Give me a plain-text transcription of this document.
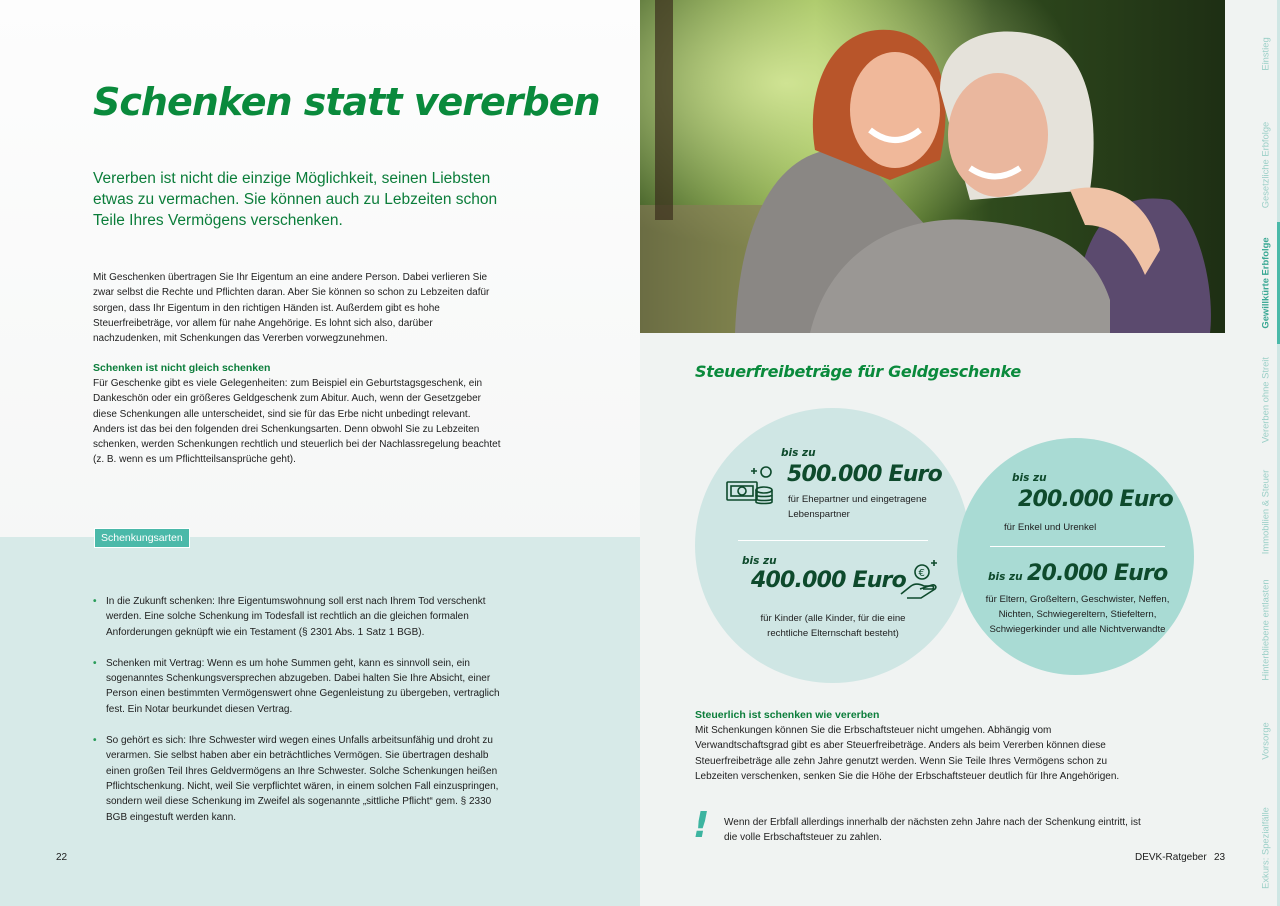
Schenken statt vererben

Vererben ist nicht die einzige Möglichkeit, seinen Liebsten etwas zu vermachen. Sie können auch zu Lebzeiten schon Teile Ihres Vermögens verschenken.

Mit Geschenken übertragen Sie Ihr Eigentum an eine andere Person. Dabei verlieren Sie zwar selbst die Rechte und Pflichten daran. Aber Sie können so schon zu Lebzeiten dafür sorgen, dass Ihr Eigentum in den richtigen Händen ist. Außerdem gibt es hohe Steuerfreibeträge, vor allem für nahe Angehörige. Es lohnt sich also, darüber nachzudenken, mit Schenkungen das Vererben vorwegzunehmen.

Schenken ist nicht gleich schenken

Für Geschenke gibt es viele Gelegenheiten: zum Beispiel ein Geburtstagsgeschenk, ein Dankeschön oder ein größeres Geldgeschenk zum Abitur. Auch, wenn der Gesetzgeber diese Schenkungen alle unterscheidet, sind sie für das Erbe nicht unbedingt relevant. Anders ist das bei den folgenden drei Schenkungsarten. Denn obwohl Sie zu Lebzeiten schenken, werden Schenkungen rechtlich und steuerlich bei der Nachlassregelung beachtet (z. B. wenn es um Pflichtteilsansprüche geht).

Schenkungsarten
• In die Zukunft schenken: Ihre Eigentumswohnung soll erst nach Ihrem Tod verschenkt werden. Eine solche Schenkung im Todesfall ist rechtlich an die gleichen formalen Anforderungen geknüpft wie ein Testament (§ 2301 Abs. 1 Satz 1 BGB).
• Schenken mit Vertrag: Wenn es um hohe Summen geht, kann es sinnvoll sein, ein sogenanntes Schenkungsversprechen abzugeben. Dabei halten Sie Ihre Absicht, einer Person einen bestimmten Vermögenswert ohne Gegenleistung zu übergeben, vertraglich fest. Ein Notar beurkundet diesen Vertrag.
• So gehört es sich: Ihre Schwester wird wegen eines Unfalls arbeitsunfähig und droht zu verarmen. Sie selbst haben aber ein beträchtliches Vermögen. Sie übertragen deshalb einen großen Teil Ihres Geldvermögens an Ihre Schwester. Solche Schenkungen heißen Pflichtschenkung. Nicht, weil Sie verpflichtet wären, in einem solchen Fall einzuspringen, sondern weil diese Schenkung im Zweifel als sogenannte „sittliche Pflicht“ gem. § 2330 BGB eingestuft werden kann.
22
Steuerfreibeträge für Geldgeschenke
bis zu
500.000 Euro

für Ehepartner und eingetragene Lebenspartner

bis zu
400.000 Euro €

für Kinder (alle Kinder, für die eine rechtliche Elternschaft besteht)

bis zu
200.000 Euro

für Enkel und Urenkel

bis zu 20.000 Euro

für Eltern, Großeltern, Geschwister, Neffen, Nichten, Schwiegereltern, Stiefeltern, Schwiegerkinder und alle Nichtverwandte

Steuerlich ist schenken wie vererben

Mit Schenkungen können Sie die Erbschaftsteuer nicht umgehen. Abhängig vom Verwandtschaftsgrad gibt es aber Steuerfreibeträge. Anders als beim Vererben können diese Steuerfreibeträge alle zehn Jahre genutzt werden. Wenn Sie Teile Ihres Vermögens schon zu Lebzeiten verschenken, senken Sie die Höhe der Erbschaftsteuer deutlich für Ihre Angehörigen.

! Wenn der Erbfall allerdings innerhalb der nächsten zehn Jahre nach der Schenkung eintritt, ist die volle Erbschaftsteuer zu zahlen.

DEVK-Ratgeber 23
Einstieg
Gesetzliche Erbfolge
Gewillkürte Erbfolge
Vererben ohne Streit
Immobilien & Steuer
Hinterbliebene entlasten
Vorsorge
Exkurs: Spezialfälle
